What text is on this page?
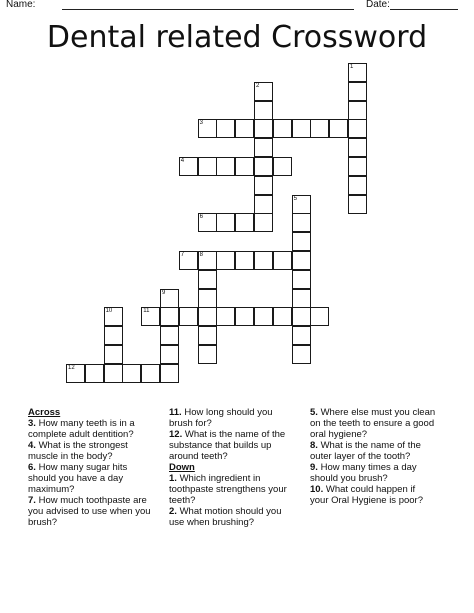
Name:	Date:
Dental related Crossword
1
2
3
4
5
6
7	8
9
10	11
12

Across

3. How many teeth is in a complete adult dentition?

4. What is the strongest muscle in the body?

6. How many sugar hits should you have a day maximum?

7. How much toothpaste are you advised to use when you brush?

11. How long should you brush for?

12. What is the name of the substance that builds up around teeth?

Down

1. Which ingredient in toothpaste strengthens your teeth?

2. What motion should you use when brushing?

5. Where else must you clean on the teeth to ensure a good oral hygiene?

8. What is the name of the outer layer of the tooth?

9. How many times a day should you brush?

10. What could happen if your Oral Hygiene is poor?
